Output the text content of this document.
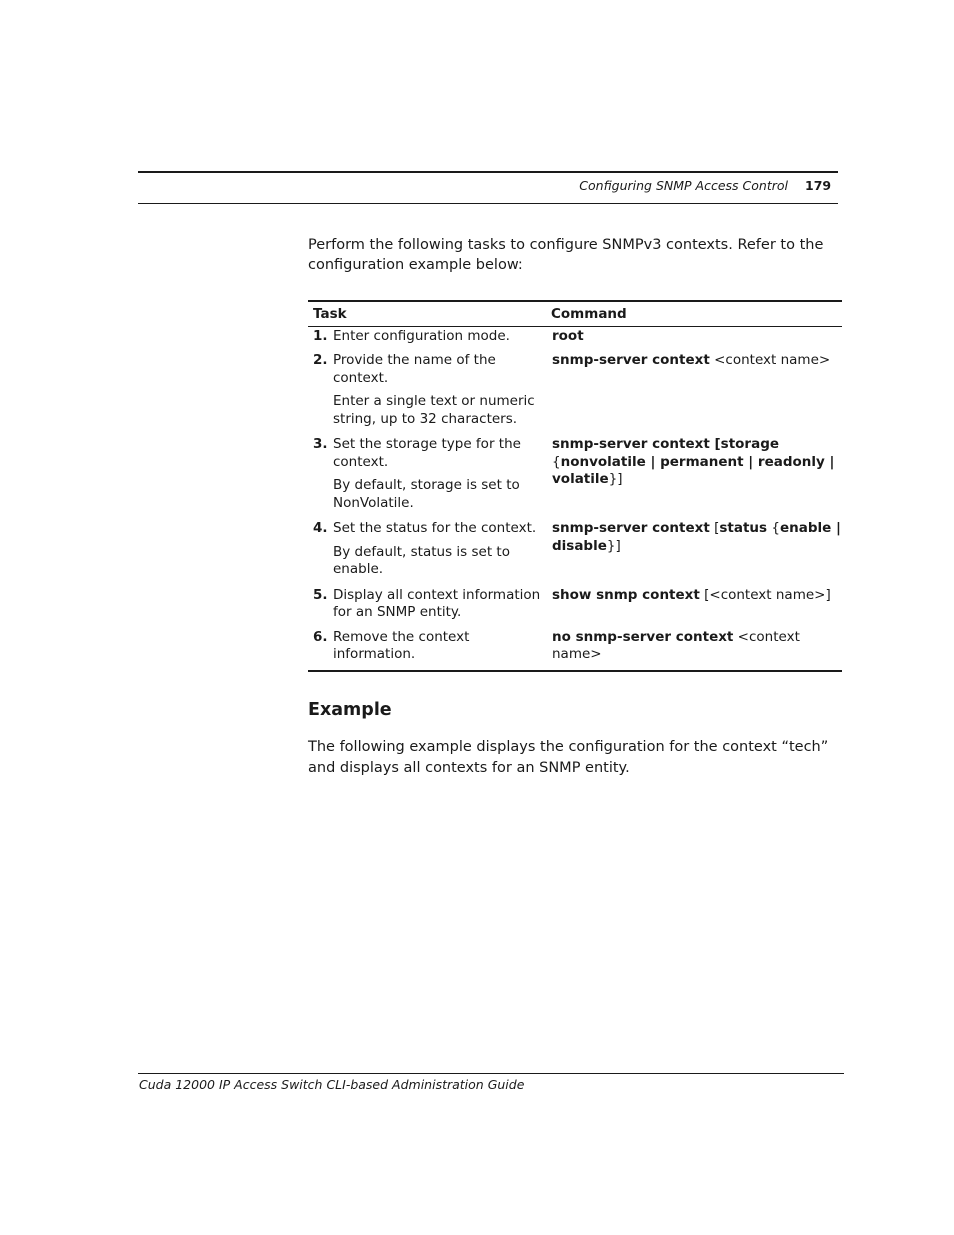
Configuring SNMP Access Control 179

Perform the following tasks to configure SNMPv3 contexts. Refer to the configuration example below:

Task	Command

1. Enter configuration mode.	root

2. Provide the name of the context.
Enter a single text or numeric string, up to 32 characters.	snmp-server context <context name>

3. Set the storage type for the context.
By default, storage is set to NonVolatile.	snmp-server context [storage {nonvolatile | permanent | readonly | volatile}]

4. Set the status for the context.
By default, status is set to enable.	snmp-server context [status {enable | disable}]

5. Display all context information for an SNMP entity.	show snmp context [<context name>]

6. Remove the context information.	no snmp-server context <context name>
Example

The following example displays the configuration for the context “tech” and displays all contexts for an SNMP entity.

Cuda 12000 IP Access Switch CLI-based Administration Guide
